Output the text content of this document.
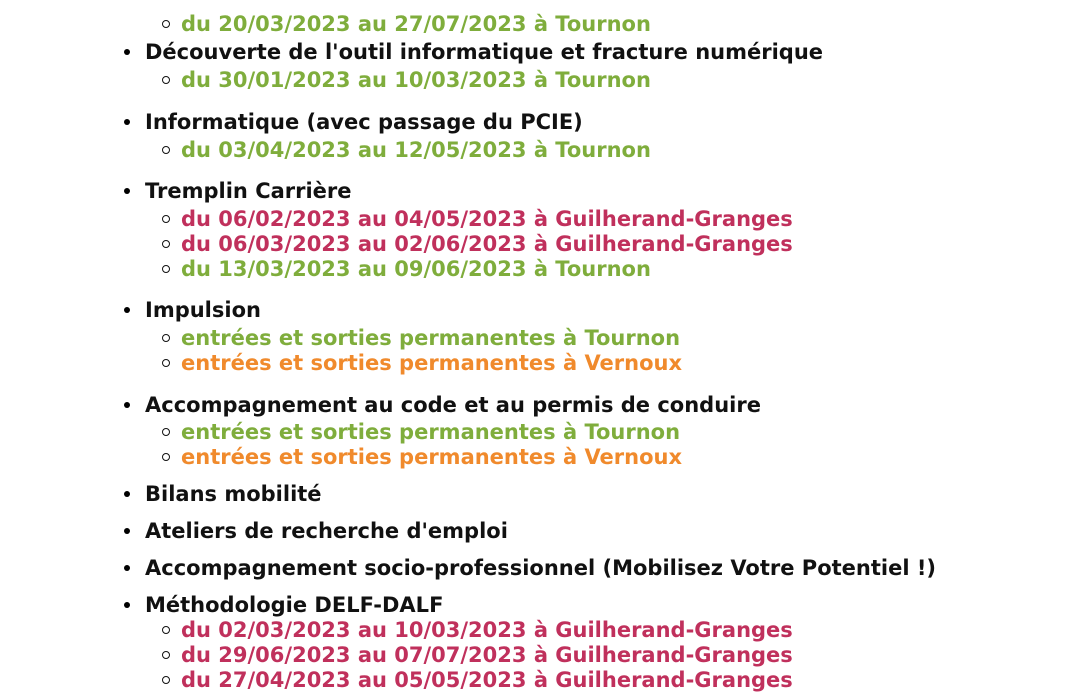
du 20/03/2023 au 27/07/2023 à Tournon
Découverte de l'outil informatique et fracture numérique
du 30/01/2023 au 10/03/2023 à Tournon
Informatique (avec passage du PCIE)
du 03/04/2023 au 12/05/2023 à Tournon
Tremplin Carrière
du 06/02/2023 au 04/05/2023 à Guilherand-Granges
du 06/03/2023 au 02/06/2023 à Guilherand-Granges
du 13/03/2023 au 09/06/2023 à Tournon
Impulsion
entrées et sorties permanentes à Tournon
entrées et sorties permanentes à Vernoux
Accompagnement au code et au permis de conduire
entrées et sorties permanentes à Tournon
entrées et sorties permanentes à Vernoux
Bilans mobilité
Ateliers de recherche d'emploi
Accompagnement socio-professionnel (Mobilisez Votre Potentiel !)
Méthodologie DELF-DALF
du 02/03/2023 au 10/03/2023 à Guilherand-Granges
du 29/06/2023 au 07/07/2023 à Guilherand-Granges
du 27/04/2023 au 05/05/2023 à Guilherand-Granges
